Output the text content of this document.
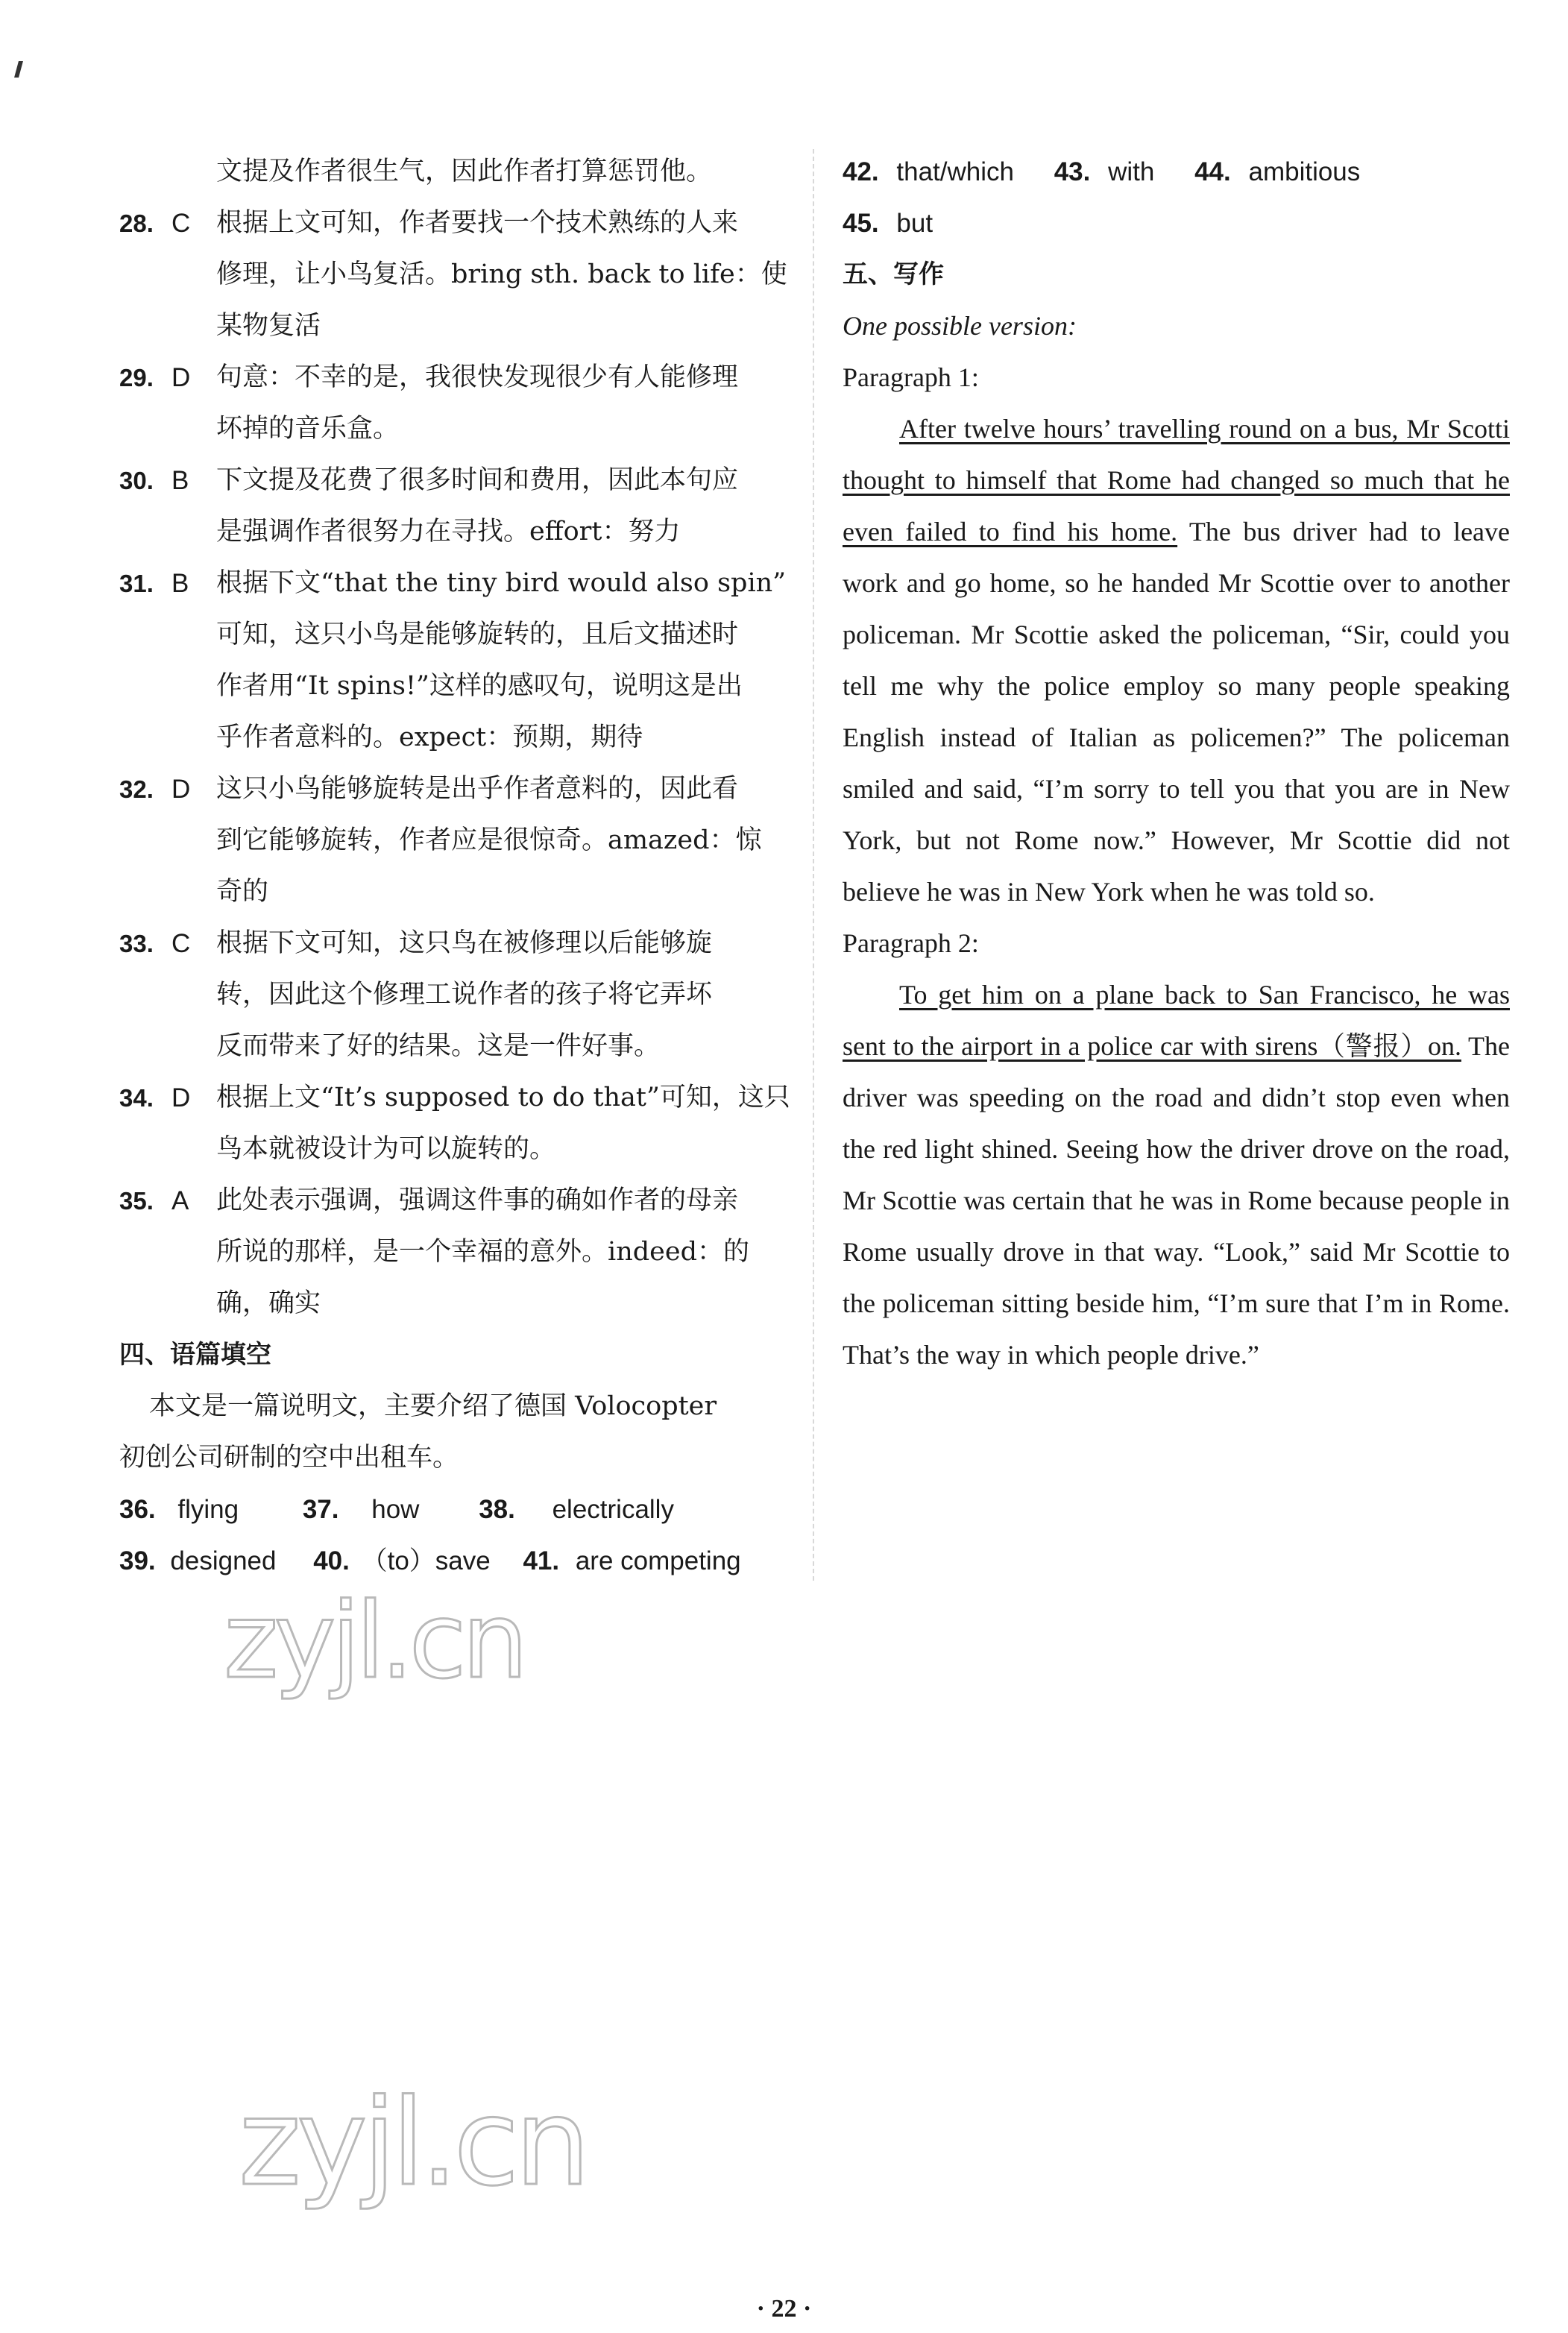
文提及作者很生气，因此作者打算惩罚他。
28. C 根据上文可知，作者要找一个技术熟练的人来
修理，让小鸟复活。bring sth. back to life：使
某物复活
29. D 句意：不幸的是，我很快发现很少有人能修理
坏掉的音乐盒。
30. B 下文提及花费了很多时间和费用，因此本句应
是强调作者很努力在寻找。effort：努力
31. B 根据下文“that the tiny bird would also spin”
可知，这只小鸟是能够旋转的，且后文描述时
作者用“It spins!”这样的感叹句，说明这是出
乎作者意料的。expect：预期，期待
32. D 这只小鸟能够旋转是出乎作者意料的，因此看
到它能够旋转，作者应是很惊奇。amazed：惊
奇的
33. C 根据下文可知，这只鸟在被修理以后能够旋
转，因此这个修理工说作者的孩子将它弄坏
反而带来了好的结果。这是一件好事。
34. D 根据上文“It’s supposed to do that”可知，这只
鸟本就被设计为可以旋转的。
35. A 此处表示强调，强调这件事的确如作者的母亲
所说的那样，是一个幸福的意外。indeed：的
确，确实
四、语篇填空
本文是一篇说明文，主要介绍了德国 Volocopter
初创公司研制的空中出租车。
36. flying 37. how 38. electrically
39. designed 40. （to）save 41. are competing
42. that/which 43. with 44. ambitious
45. but
五、写作
One possible version:
Paragraph 1:
After twelve hours’ travelling round on a bus, Mr Scotti thought to himself that Rome had changed so much that he even failed to find his home. The bus driver had to leave work and go home, so he handed Mr Scottie over to another policeman. Mr Scottie asked the policeman, “Sir, could you tell me why the police employ so many people speaking English instead of Italian as policemen?” The policeman smiled and said, “I’m sorry to tell you that you are in New York, but not Rome now.” However, Mr Scottie did not believe he was in New York when he was told so.
Paragraph 2:
To get him on a plane back to San Francisco, he was sent to the airport in a police car with sirens（警报）on. The driver was speeding on the road and didn’t stop even when the red light shined. Seeing how the driver drove on the road, Mr Scottie was certain that he was in Rome because people in Rome usually drove in that way. “Look,” said Mr Scottie to the policeman sitting beside him, “I’m sure that I’m in Rome. That’s the way in which people drive.”
zyjl.cn
zyjl.cn
· 22 ·
